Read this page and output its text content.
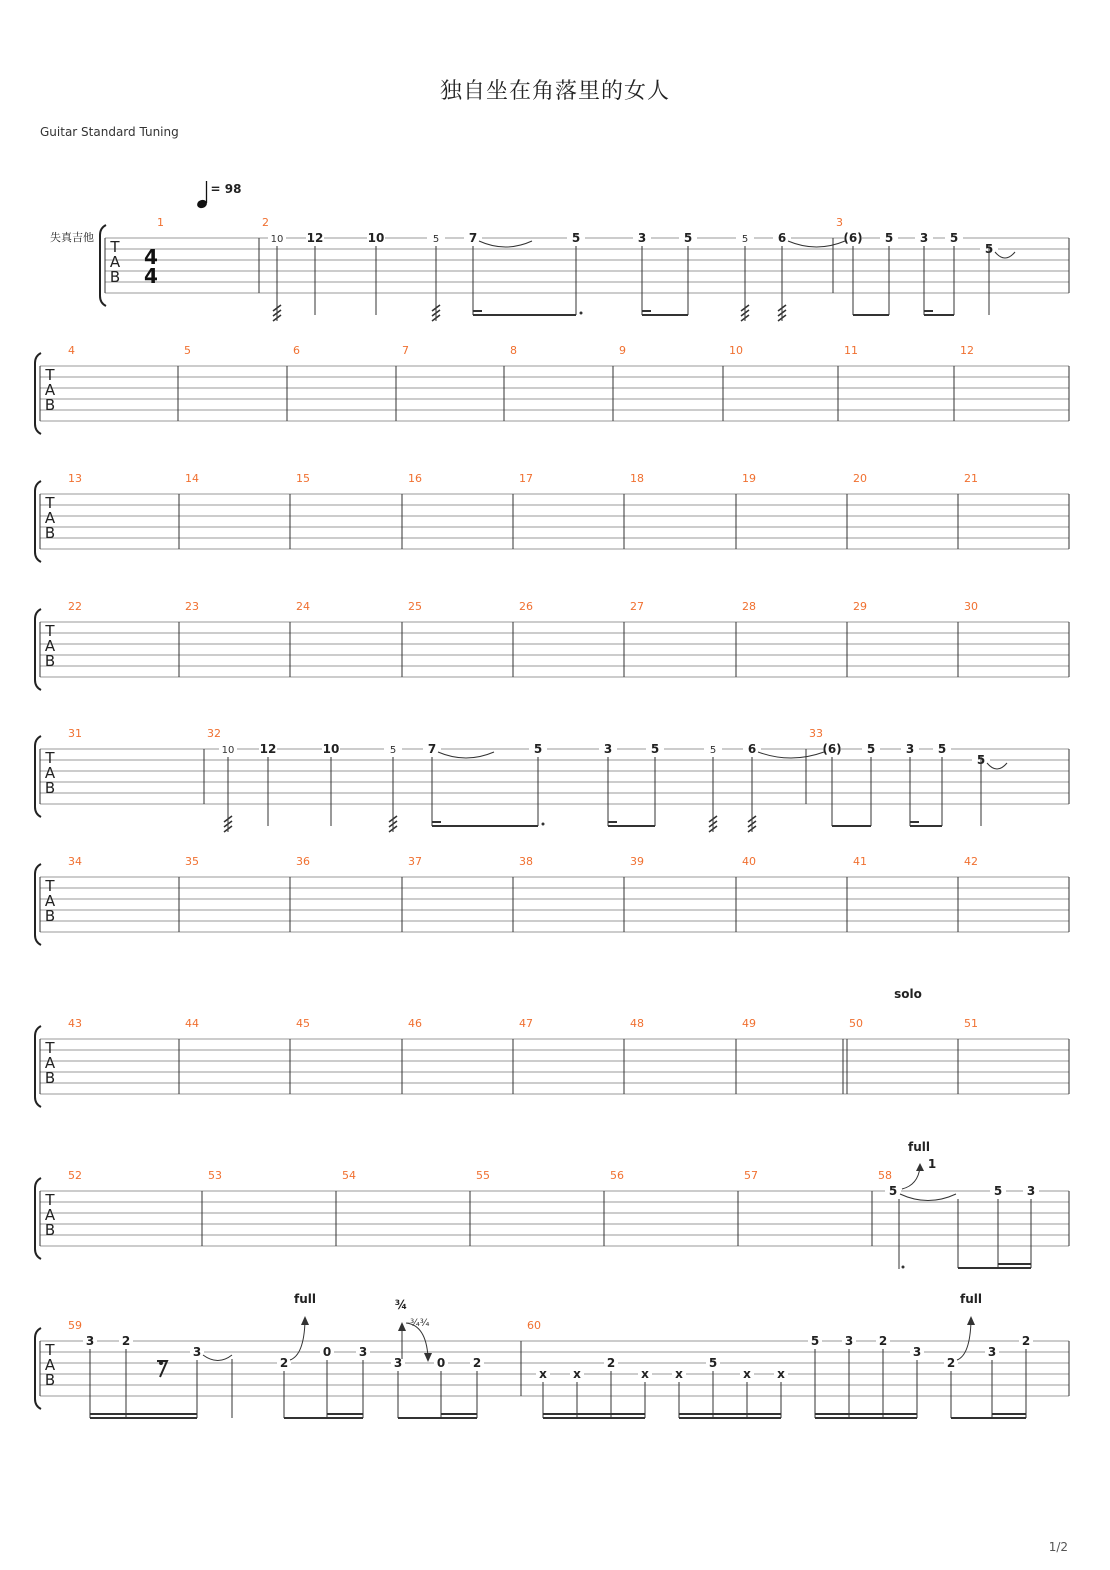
独自坐在角落里的女人
Guitar Standard Tuning
1/2
T
A
B
1	2	3
T
A
B
4	5	6	7	8	9	10	11	12
T
A
B
13	14	15	16	17	18	19	20	21
T
A
B
22	23	24	25	26	27	28	29	30
T
A
B
31	32	33
T
A
B
34	35	36	37	38	39	40	41	42
T
A
B
43	44	45	46	47	48	49	50	51
T
A
B
52	53	54	55	56	57	58
T
A
B
59	60
失真吉他
4
4
= 98
10 12	10	5 7	5	3	5	5 6	(6) 5 3 5
5
10 12	10	5	7	5	3	5	5	6	(6) 5	3 5
5
solo
5	5 3
full
1
3 2
3
2
0 3
3	0 2
x x
2
x x
5
x x
5 3 2
3
2
3
2
full	¾
-¾¾
full
